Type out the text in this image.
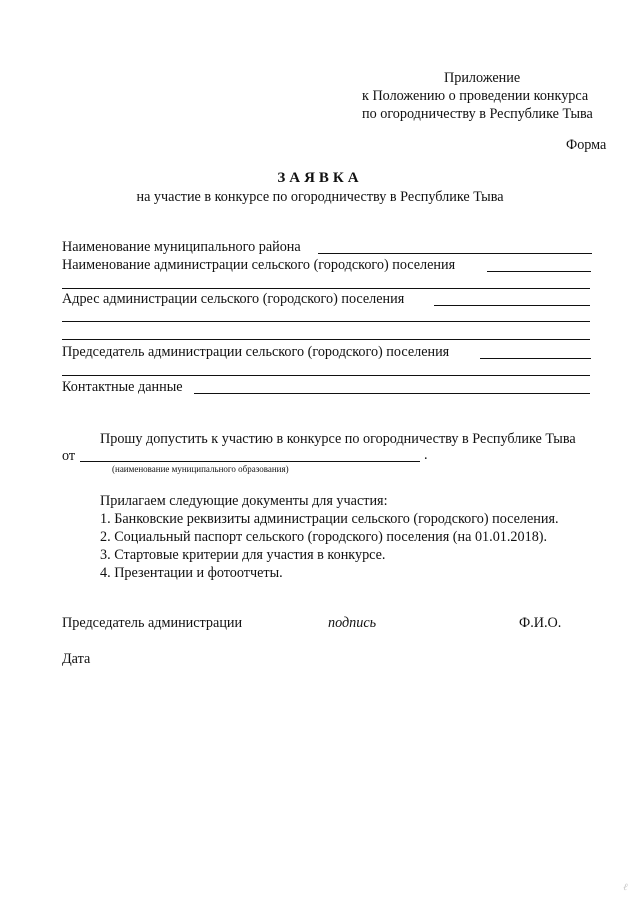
Приложение
к Положению о проведении конкурса
по огородничеству в Республике Тыва
Форма
ЗАЯВКА
на участие в конкурсе по огородничеству в Республике Тыва
Наименование муниципального района
Наименование администрации сельского (городского) поселения
Адрес администрации сельского (городского) поселения
Председатель администрации сельского (городского) поселения
Контактные данные
Прошу допустить к участию в конкурсе по огородничеству в Республике Тыва
от	.
(наименование муниципального образования)
Прилагаем следующие документы для участия:
1. Банковские реквизиты администрации сельского (городского) поселения.
2. Социальный паспорт сельского (городского) поселения (на 01.01.2018).
3. Стартовые критерии для участия в конкурсе.
4. Презентации и фотоотчеты.
Председатель администрации	подпись	Ф.И.О.
Дата
ℓ
